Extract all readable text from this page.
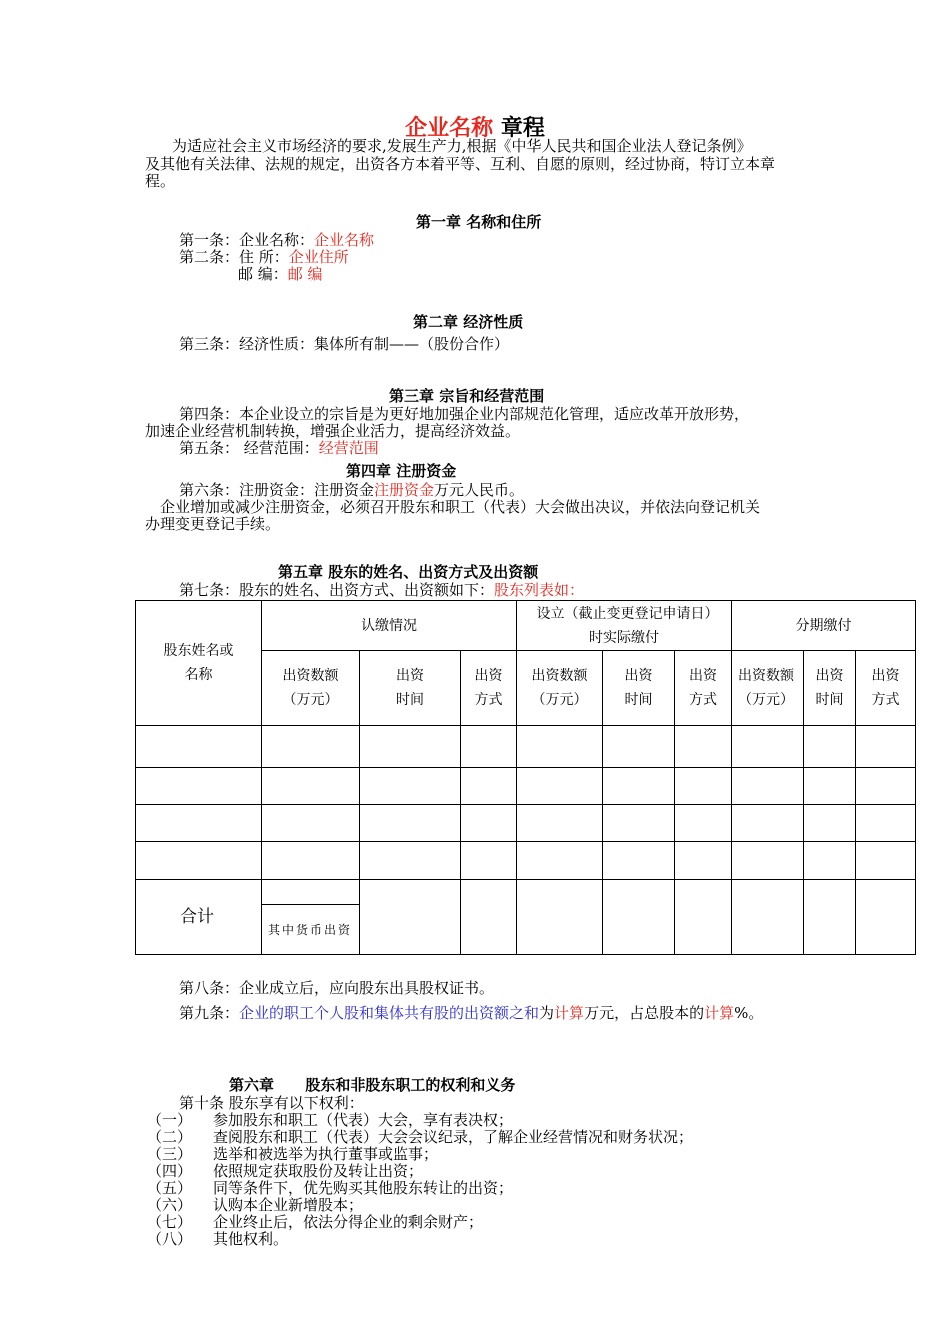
企业名称 章程
为适应社会主义市场经济的要求,发展生产力,根据《中华人民共和国企业法人登记条例》
及其他有关法律、法规的规定，出资各方本着平等、互利、自愿的原则，经过协商，特订立本章
程。
第一章 名称和住所
第一条：企业名称：企业名称
第二条：住 所：企业住所
邮 编：邮 编
第二章 经济性质
第三条：经济性质：集体所有制——（股份合作）
第三章 宗旨和经营范围
第四条：本企业设立的宗旨是为更好地加强企业内部规范化管理，适应改革开放形势，
加速企业经营机制转换，增强企业活力，提高经济效益。
第五条： 经营范围：经营范围
第四章 注册资金
第六条：注册资金：注册资金注册资金万元人民币。
企业增加或减少注册资金，必须召开股东和职工（代表）大会做出决议，并依法向登记机关
办理变更登记手续。
第五章 股东的姓名、出资方式及出资额
第七条：股东的姓名、出资方式、出资额如下：股东列表如：
股东姓名或名称	认缴情况			设立（截止变更登记申请日）时实际缴付			分期缴付		
	出资数额（万元）	出资时间	出资方式	出资数额（万元）	出资时间	出资方式	出资数额（万元）	出资时间	出资方式

合计									
	其中货币出资								
第八条：企业成立后，应向股东出具股权证书。
第九条：企业的职工个人股和集体共有股的出资额之和为计算万元，占总股本的计算%。
第六章      股东和非股东职工的权利和义务
第十条 股东享有以下权利：
（一） 参加股东和职工（代表）大会，享有表决权；
（二） 查阅股东和职工（代表）大会会议纪录，了解企业经营情况和财务状况；
（三） 选举和被选举为执行董事或监事；
（四） 依照规定获取股份及转让出资；
（五） 同等条件下，优先购买其他股东转让的出资；
（六） 认购本企业新增股本；
（七） 企业终止后，依法分得企业的剩余财产；
（八） 其他权利。
